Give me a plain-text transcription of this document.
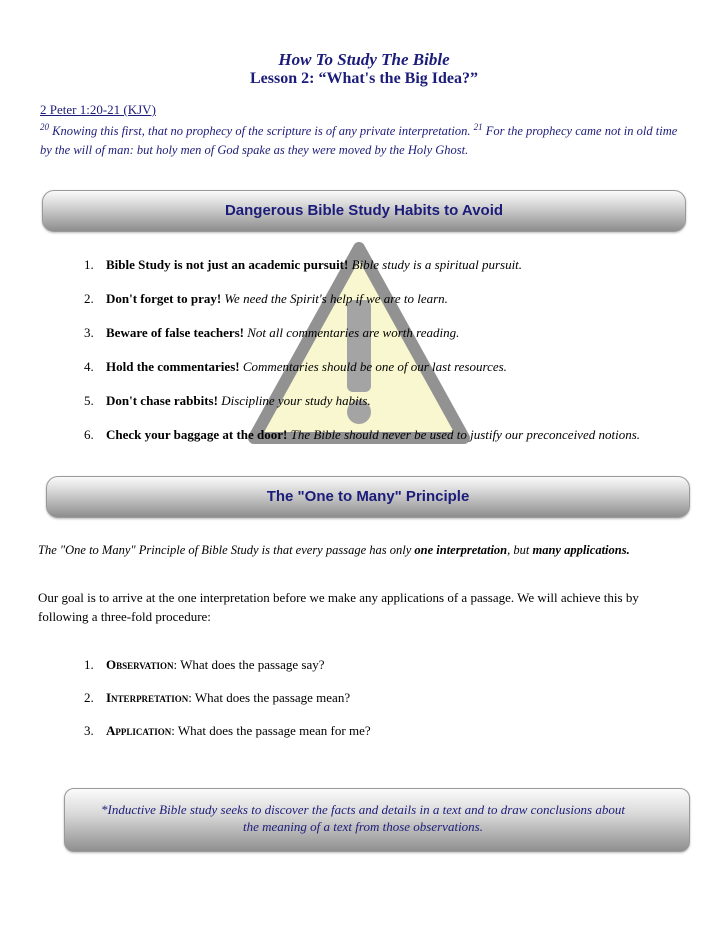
How To Study The Bible
Lesson 2: “What's the Big Idea?”
2 Peter 1:20-21 (KJV)
$^{20}$ Knowing this first, that no prophecy of the scripture is of any private interpretation. $^{21}$ For the prophecy came not in old time by the will of man: but holy men of God spake as they were moved by the Holy Ghost.
Dangerous Bible Study Habits to Avoid
1. Bible Study is not just an academic pursuit! Bible study is a spiritual pursuit.
2. Don't forget to pray! We need the Spirit's help if we are to learn.
3. Beware of false teachers! Not all commentaries are worth reading.
4. Hold the commentaries! Commentaries should be one of our last resources.
5. Don't chase rabbits! Discipline your study habits.
6. Check your baggage at the door! The Bible should never be used to justify our preconceived notions.
The "One to Many" Principle
The "One to Many" Principle of Bible Study is that every passage has only one interpretation, but many applications.
Our goal is to arrive at the one interpretation before we make any applications of a passage. We will achieve this by following a three-fold procedure:
1. Observation: What does the passage say?
2. Interpretation: What does the passage mean?
3. Application: What does the passage mean for me?
*Inductive Bible study seeks to discover the facts and details in a text and to draw conclusions about the meaning of a text from those observations.
